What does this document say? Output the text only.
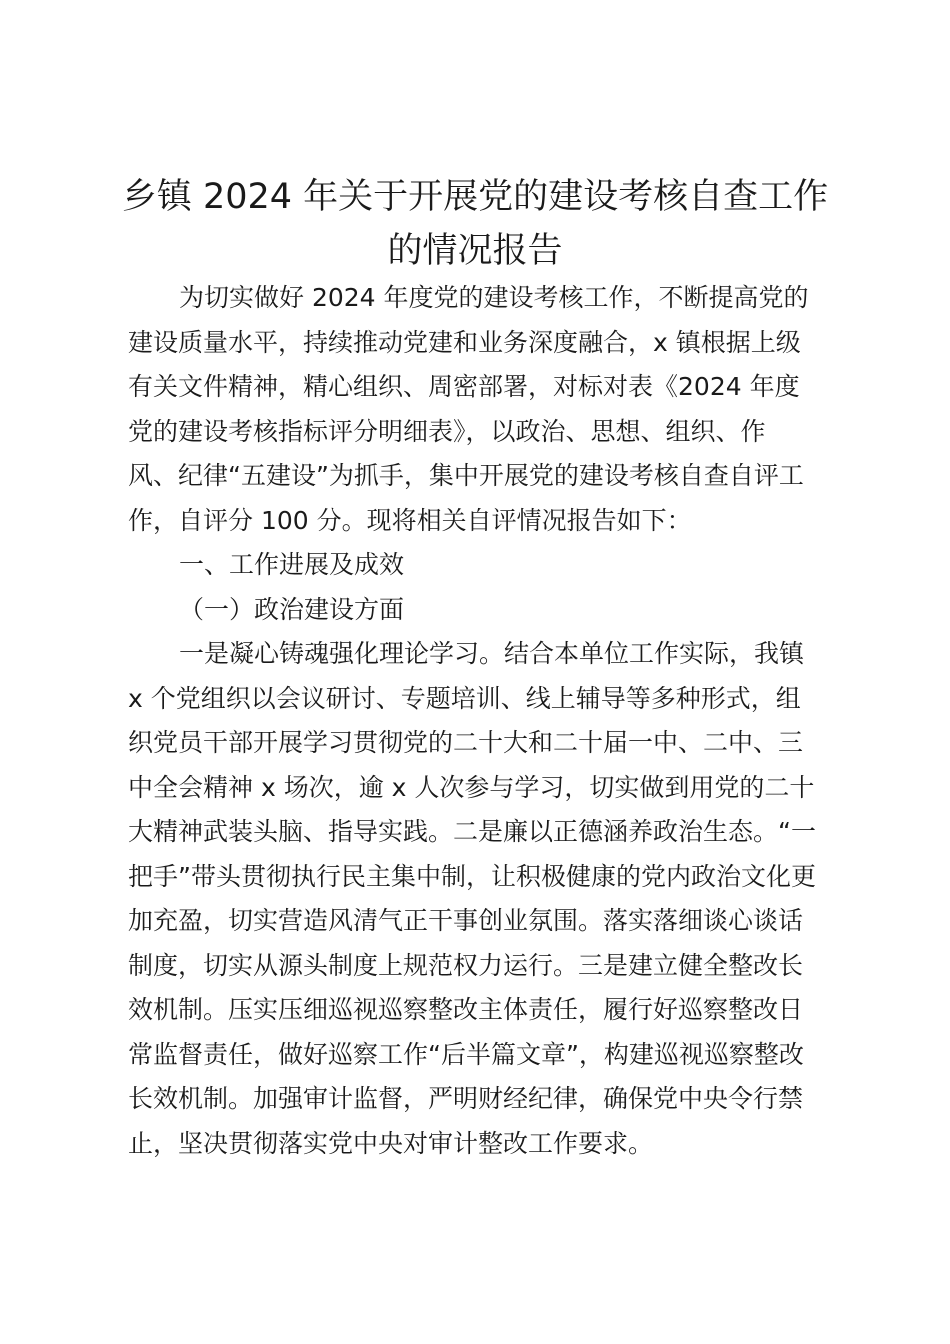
乡镇 2024 年关于开展党的建设考核自查工作
的情况报告
为切实做好 2024 年度党的建设考核工作，不断提高党的
建设质量水平，持续推动党建和业务深度融合，x 镇根据上级
有关文件精神，精心组织、周密部署，对标对表《2024 年度
党的建设考核指标评分明细表》，以政治、思想、组织、作
风、纪律“五建设”为抓手，集中开展党的建设考核自查自评工
作，自评分 100 分。现将相关自评情况报告如下：
一、工作进展及成效
（一）政治建设方面
一是凝心铸魂强化理论学习。结合本单位工作实际，我镇
x 个党组织以会议研讨、专题培训、线上辅导等多种形式，组
织党员干部开展学习贯彻党的二十大和二十届一中、二中、三
中全会精神 x 场次，逾 x 人次参与学习，切实做到用党的二十
大精神武装头脑、指导实践。二是廉以正德涵养政治生态。“一
把手”带头贯彻执行民主集中制，让积极健康的党内政治文化更
加充盈，切实营造风清气正干事创业氛围。落实落细谈心谈话
制度，切实从源头制度上规范权力运行。三是建立健全整改长
效机制。压实压细巡视巡察整改主体责任，履行好巡察整改日
常监督责任，做好巡察工作“后半篇文章”，构建巡视巡察整改
长效机制。加强审计监督，严明财经纪律，确保党中央令行禁
止，坚决贯彻落实党中央对审计整改工作要求。
